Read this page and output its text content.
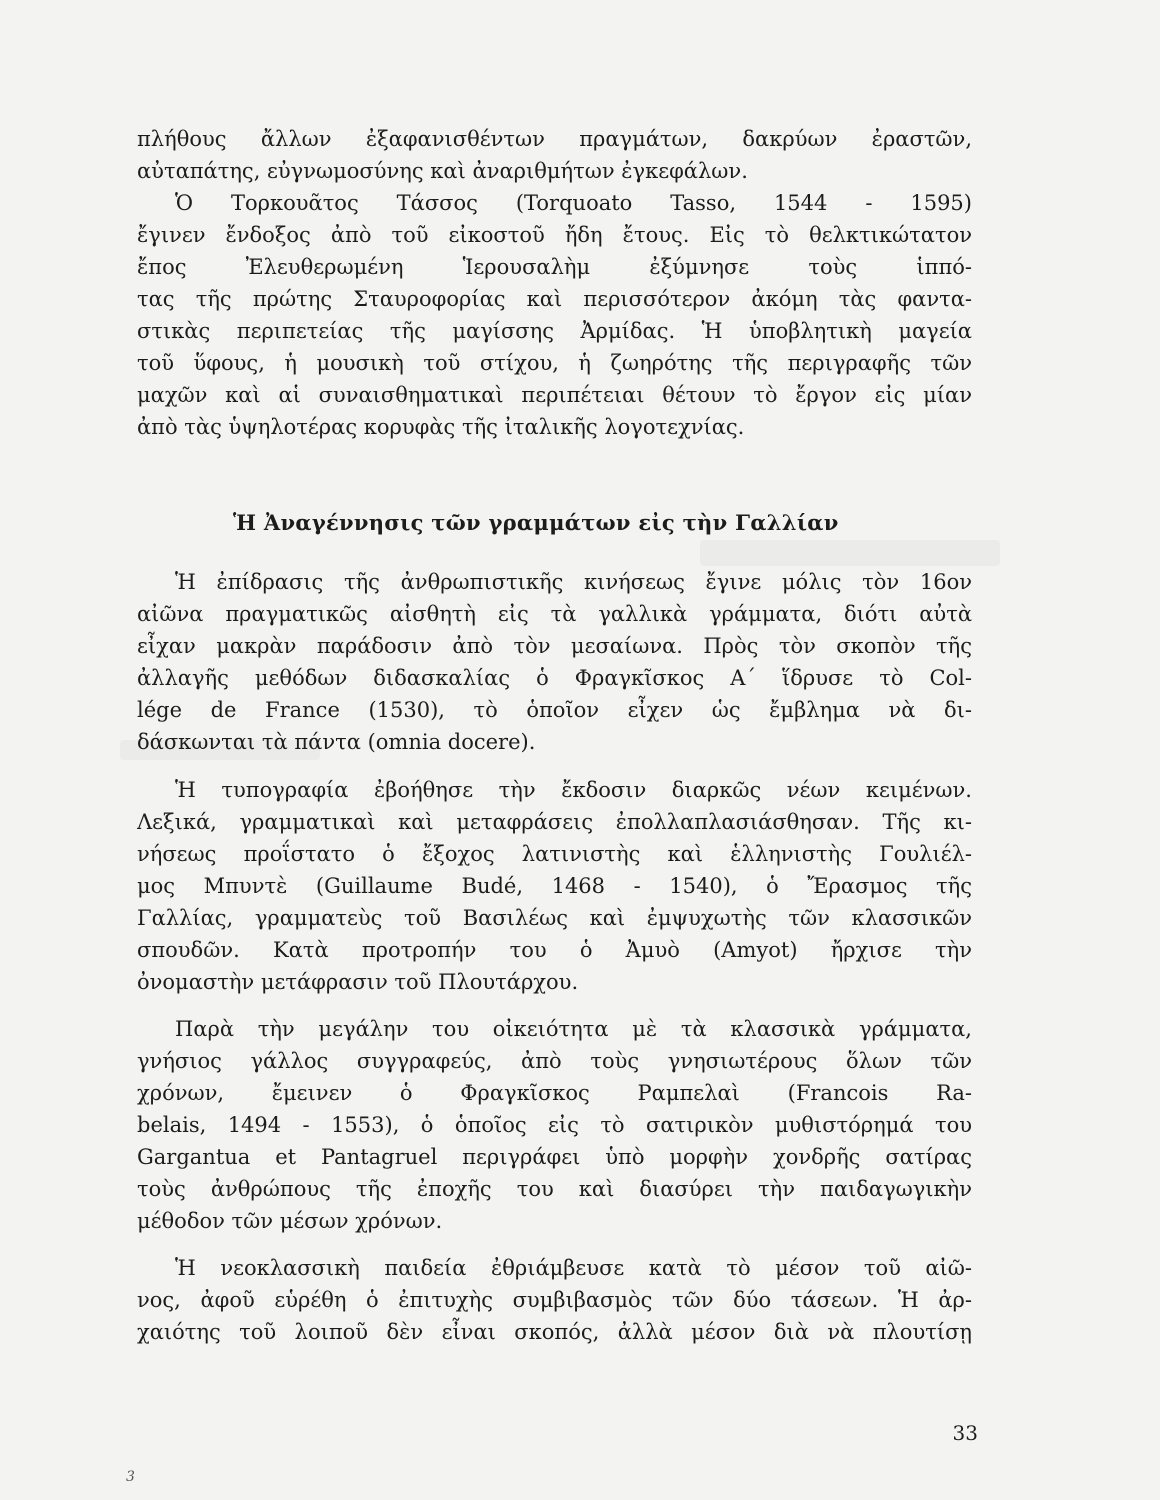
πλήθους ἄλλων ἐξαφανισθέντων πραγμάτων, δακρύων ἐραστῶν,
αὐταπάτης, εὐγνωμοσύνης καὶ ἀναριθμήτων ἐγκεφάλων.
Ὁ Τορκουᾶτος Τάσσος (Torquoato Tasso, 1544 - 1595)
ἔγινεν ἔνδοξος ἀπὸ τοῦ εἰκοστοῦ ἤδη ἔτους. Εἰς τὸ θελκτικώτατον
ἔπος Ἐλευθερωμένη Ἱερουσαλὴμ ἐξύμνησε τοὺς ἱππό-
τας τῆς πρώτης Σταυροφορίας καὶ περισσότερον ἀκόμη τὰς φαντα-
στικὰς περιπετείας τῆς μαγίσσης Ἀρμίδας. Ἡ ὑποβλητικὴ μαγεία
τοῦ ὕφους, ἡ μουσικὴ τοῦ στίχου, ἡ ζωηρότης τῆς περιγραφῆς τῶν
μαχῶν καὶ αἱ συναισθηματικαὶ περιπέτειαι θέτουν τὸ ἔργον εἰς μίαν
ἀπὸ τὰς ὑψηλοτέρας κορυφὰς τῆς ἰταλικῆς λογοτεχνίας.
Ἡ Ἀναγέννησις τῶν γραμμάτων εἰς τὴν Γαλλίαν
Ἡ ἐπίδρασις τῆς ἀνθρωπιστικῆς κινήσεως ἔγινε μόλις τὸν 16ον
αἰῶνα πραγματικῶς αἰσθητὴ εἰς τὰ γαλλικὰ γράμματα, διότι αὐτὰ
εἶχαν μακρὰν παράδοσιν ἀπὸ τὸν μεσαίωνα. Πρὸς τὸν σκοπὸν τῆς
ἀλλαγῆς μεθόδων διδασκαλίας ὁ Φραγκῖσκος Α΄ ἵδρυσε τὸ Col-
lége de France (1530), τὸ ὁποῖον εἶχεν ὡς ἔμβλημα νὰ δι-
δάσκωνται τὰ πάντα (omnia docere).
Ἡ τυπογραφία ἐβοήθησε τὴν ἔκδοσιν διαρκῶς νέων κειμένων.
Λεξικά, γραμματικαὶ καὶ μεταφράσεις ἐπολλαπλασιάσθησαν. Τῆς κι-
νήσεως προΐστατο ὁ ἔξοχος λατινιστὴς καὶ ἑλληνιστὴς Γουλιέλ-
μος Μπυντὲ (Guillaume Budé, 1468 - 1540), ὁ Ἔρασμος τῆς
Γαλλίας, γραμματεὺς τοῦ Βασιλέως καὶ ἐμψυχωτὴς τῶν κλασσικῶν
σπουδῶν. Κατὰ προτροπήν του ὁ Ἀμυὸ (Amyot) ἤρχισε τὴν
ὀνομαστὴν μετάφρασιν τοῦ Πλουτάρχου.
Παρὰ τὴν μεγάλην του οἰκειότητα μὲ τὰ κλασσικὰ γράμματα,
γνήσιος γάλλος συγγραφεύς, ἀπὸ τοὺς γνησιωτέρους ὅλων τῶν
χρόνων, ἔμεινεν ὁ Φραγκῖσκος Ραμπελαὶ (Francois Ra-
belais, 1494 - 1553), ὁ ὁποῖος εἰς τὸ σατιρικὸν μυθιστόρημά του
Gargantua et Pantagruel περιγράφει ὑπὸ μορφὴν χονδρῆς σατίρας
τοὺς ἀνθρώπους τῆς ἐποχῆς του καὶ διασύρει τὴν παιδαγωγικὴν
μέθοδον τῶν μέσων χρόνων.
Ἡ νεοκλασσικὴ παιδεία ἐθριάμβευσε κατὰ τὸ μέσον τοῦ αἰῶ-
νος, ἀφοῦ εὑρέθη ὁ ἐπιτυχὴς συμβιβασμὸς τῶν δύο τάσεων. Ἡ ἀρ-
χαιότης τοῦ λοιποῦ δὲν εἶναι σκοπός, ἀλλὰ μέσον διὰ νὰ πλουτίσῃ
33
3
